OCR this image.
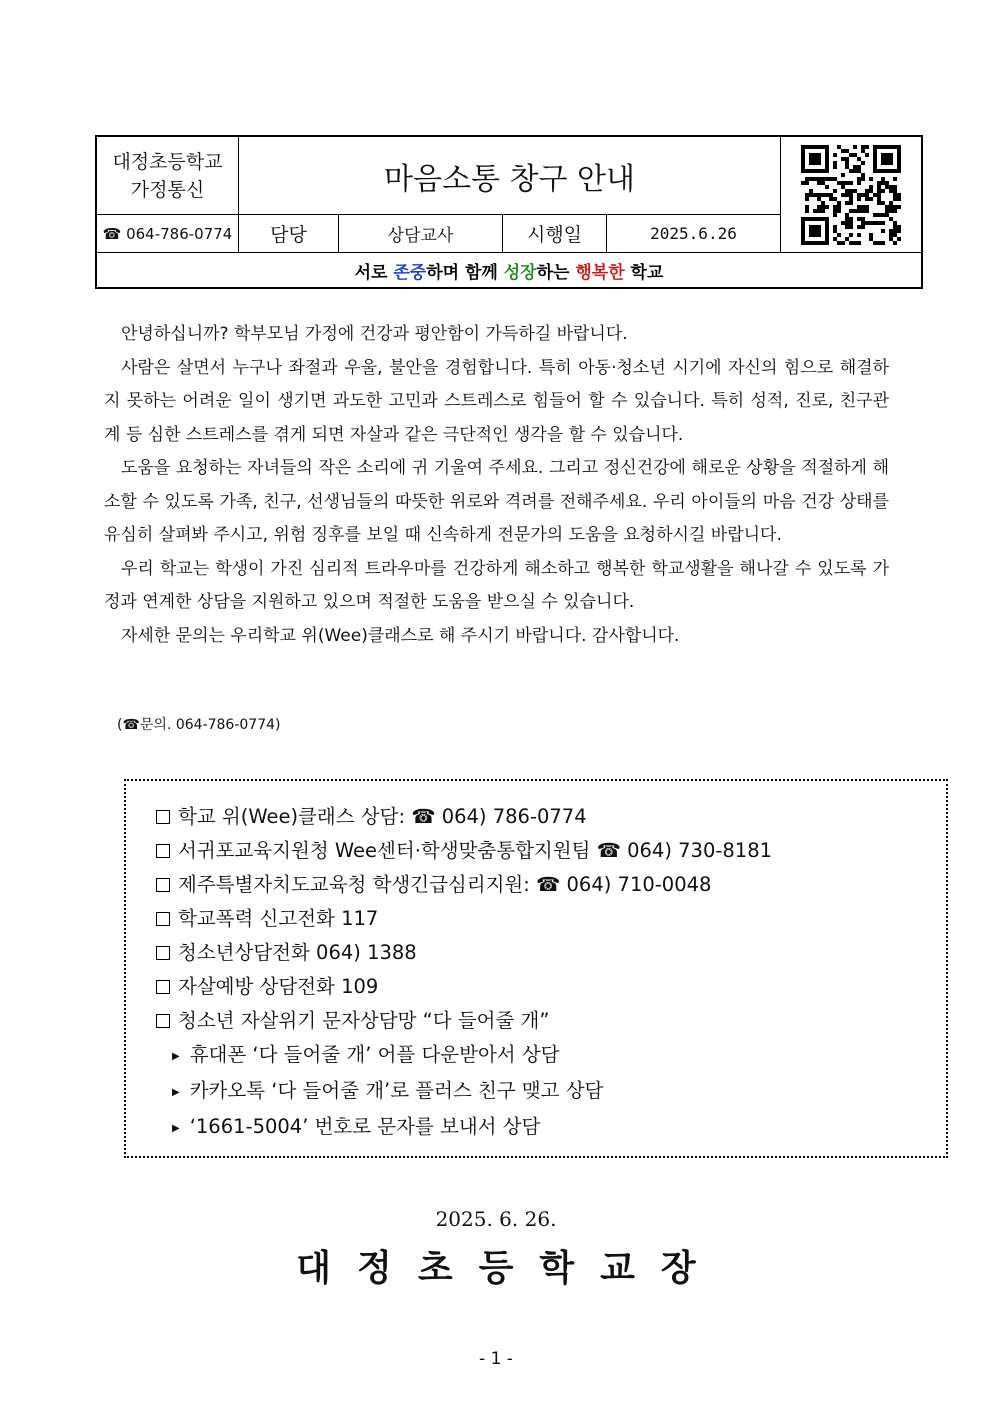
대정초등학교
가정통신	마음소통 창구 안내
☎ 064-786-0774	담당	상담교사	시행일	2025.6.26
서로 존중 하며 함께 성장 하는 행복한 학교

안녕하십니까? 학부모님 가정에 건강과 평안함이 가득하길 바랍니다.

사람은 살면서 누구나 좌절과 우울, 불안을 경험합니다. 특히 아동·청소년 시기에 자신의 힘으로 해결하지 못하는 어려운 일이 생기면 과도한 고민과 스트레스로 힘들어 할 수 있습니다. 특히 성적, 진로, 친구관계 등 심한 스트레스를 겪게 되면 자살과 같은 극단적인 생각을 할 수 있습니다.

도움을 요청하는 자녀들의 작은 소리에 귀 기울여 주세요. 그리고 정신건강에 해로운 상황을 적절하게 해소할 수 있도록 가족, 친구, 선생님들의 따뜻한 위로와 격려를 전해주세요. 우리 아이들의 마음 건강 상태를 유심히 살펴봐 주시고, 위험 징후를 보일 때 신속하게 전문가의 도움을 요청하시길 바랍니다.

우리 학교는 학생이 가진 심리적 트라우마를 건강하게 해소하고 행복한 학교생활을 해나갈 수 있도록 가정과 연계한 상담을 지원하고 있으며 적절한 도움을 받으실 수 있습니다.

자세한 문의는 우리학교 위(Wee)클래스로 해 주시기 바랍니다. 감사합니다.

(☎문의. 064-786-0774)
학교 위(Wee)클래스 상담: ☎ 064) 786-0774
서귀포교육지원청 Wee센터·학생맞춤통합지원팀 ☎ 064) 730-8181
제주특별자치도교육청 학생긴급심리지원: ☎ 064) 710-0048
학교폭력 신고전화 117
청소년상담전화 064) 1388
자살예방 상담전화 109
청소년 자살위기 문자상담망 “다 들어줄 개”
▶ 휴대폰 ‘다 들어줄 개’ 어플 다운받아서 상담
▶ 카카오톡 ‘다 들어줄 개’로 플러스 친구 맺고 상담
▶ ‘1661-5004’ 번호로 문자를 보내서 상담
2025. 6. 26.
대정초등학교장
- 1 -
